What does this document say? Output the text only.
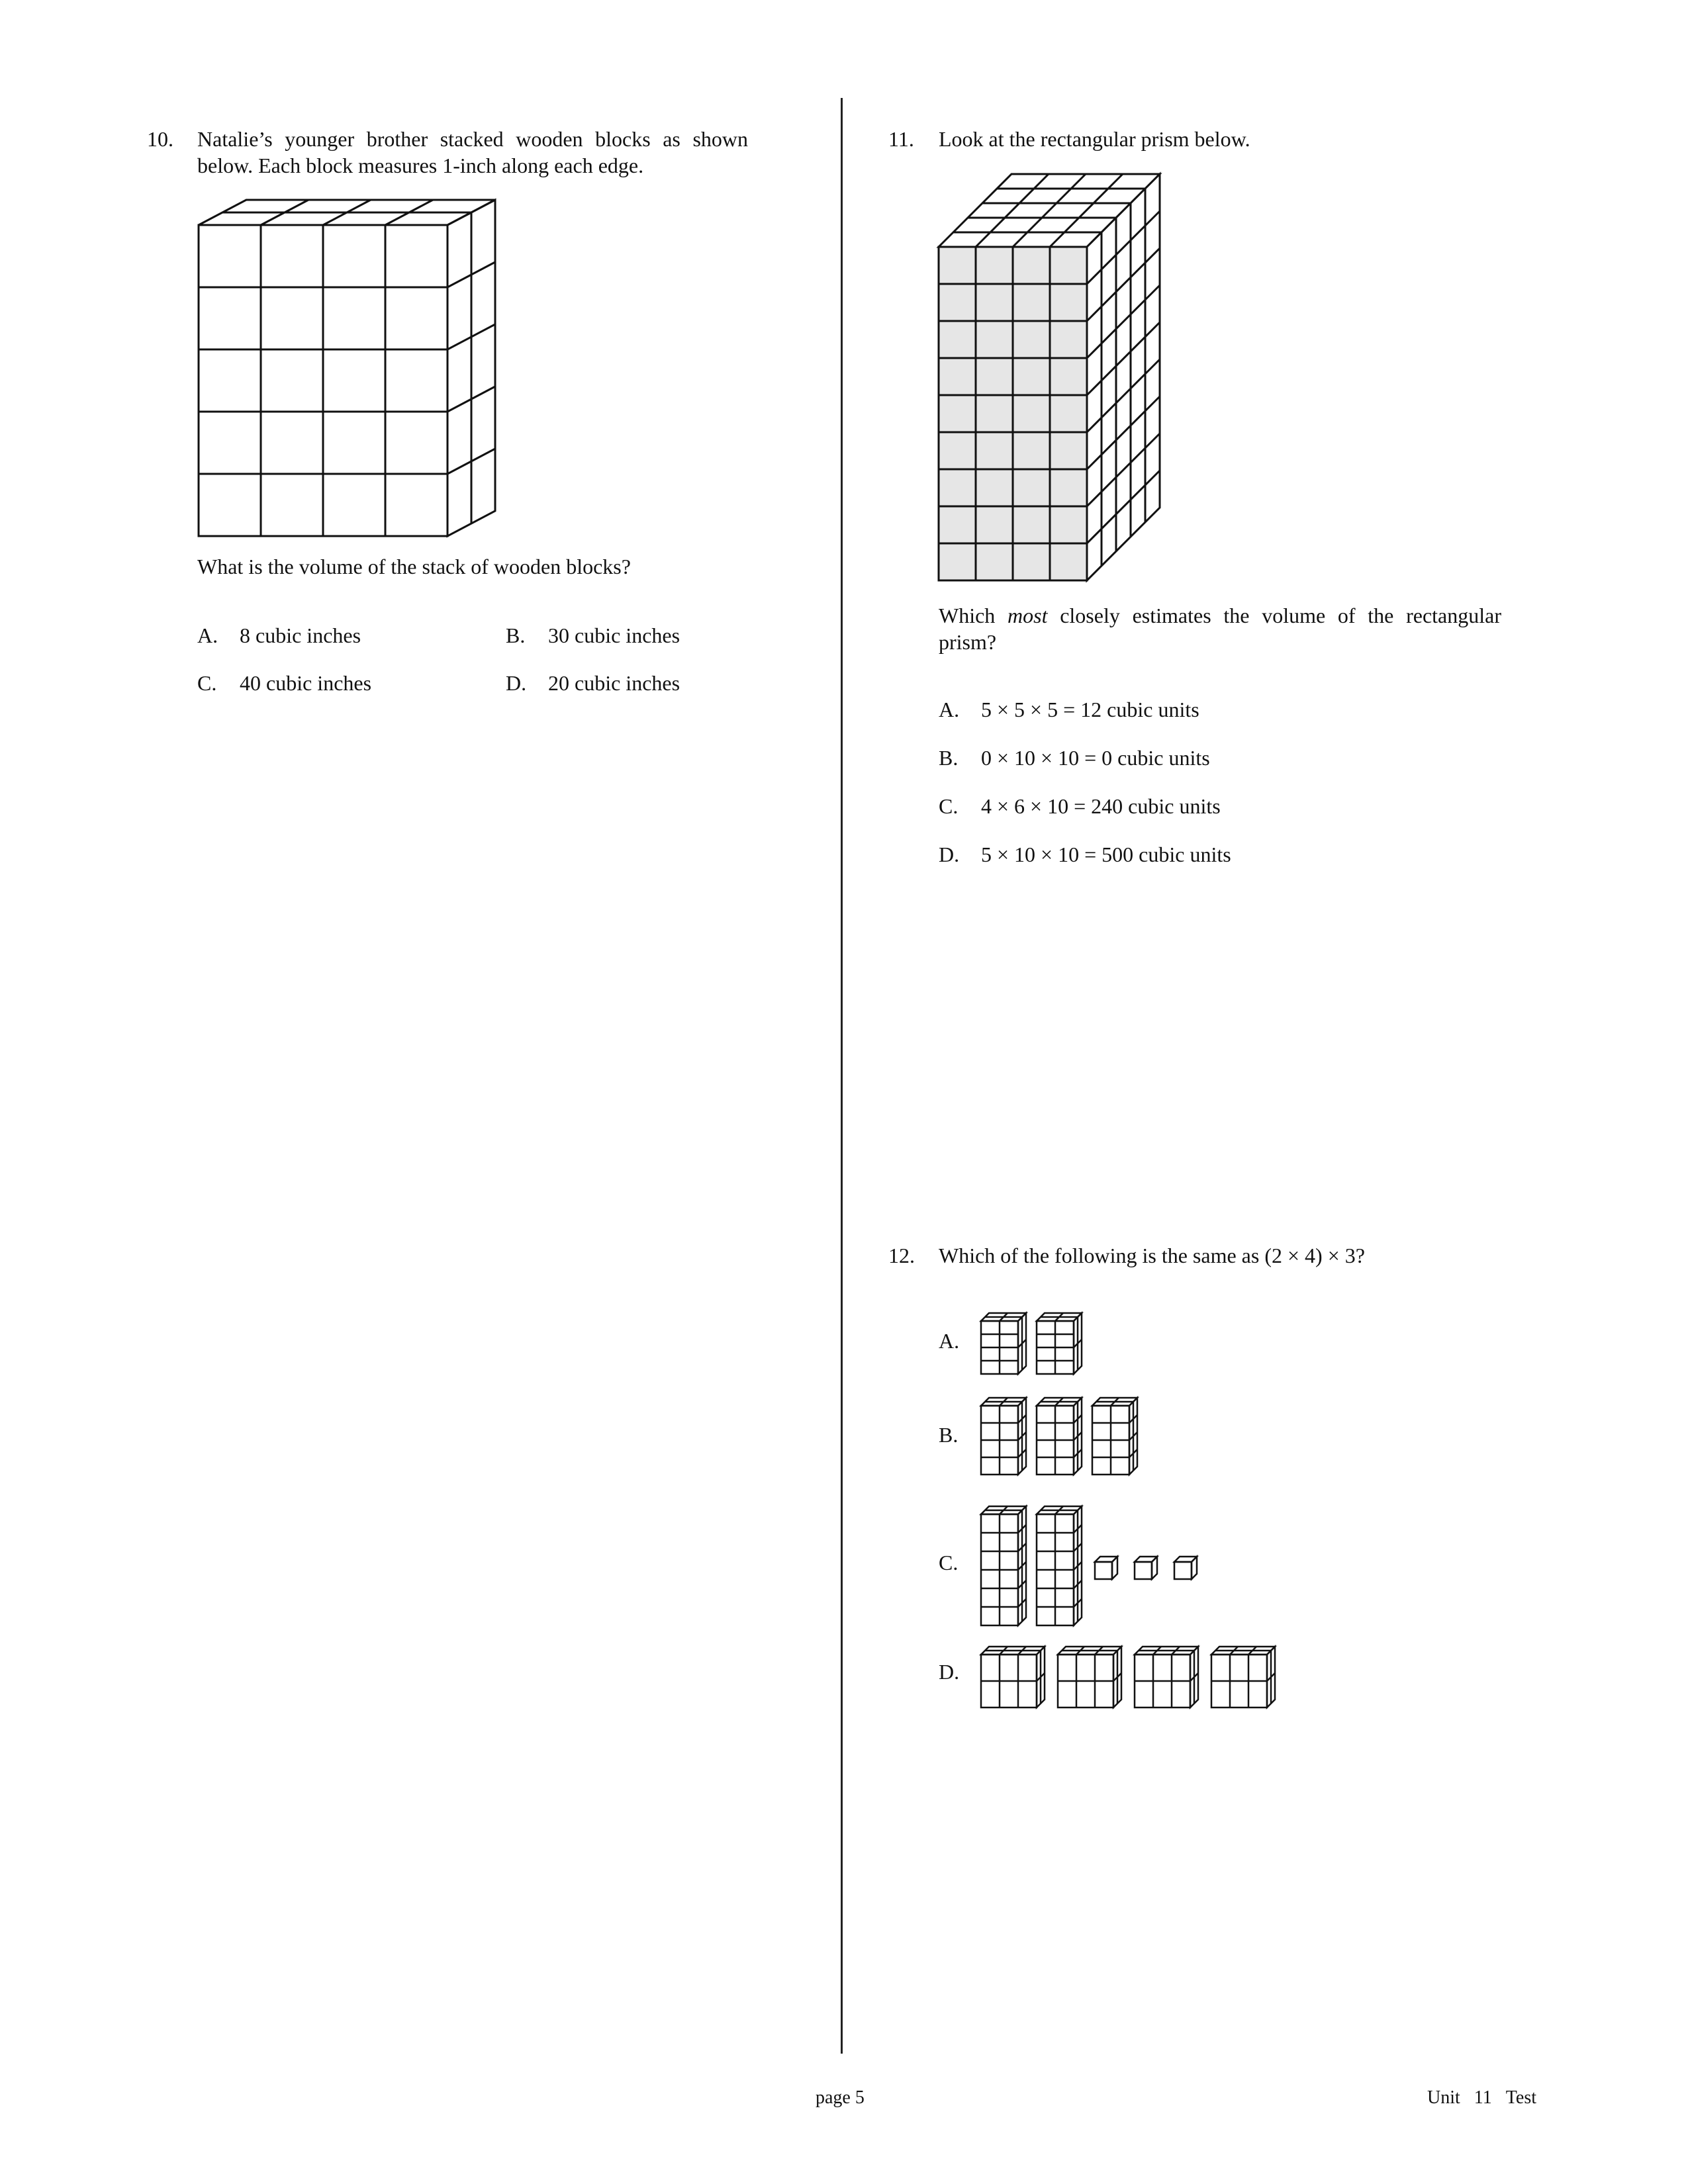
10. Natalie’s younger brother stacked wooden blocks as shown below. Each block measures 1-inch along each edge.
What is the volume of the stack of wooden blocks?
A. 8 cubic inches	B. 30 cubic inches
C. 40 cubic inches	D. 20 cubic inches
11. Look at the rectangular prism below.
Which most closely estimates the volume of the rectangular prism?
A. 5 × 5 × 5 = 12 cubic units
B. 0 × 10 × 10 = 0 cubic units
C. 4 × 6 × 10 = 240 cubic units
D. 5 × 10 × 10 = 500 cubic units
12. Which of the following is the same as (2 × 4) × 3?
A.
B.
C.
D.
page 5	Unit 11 Test
